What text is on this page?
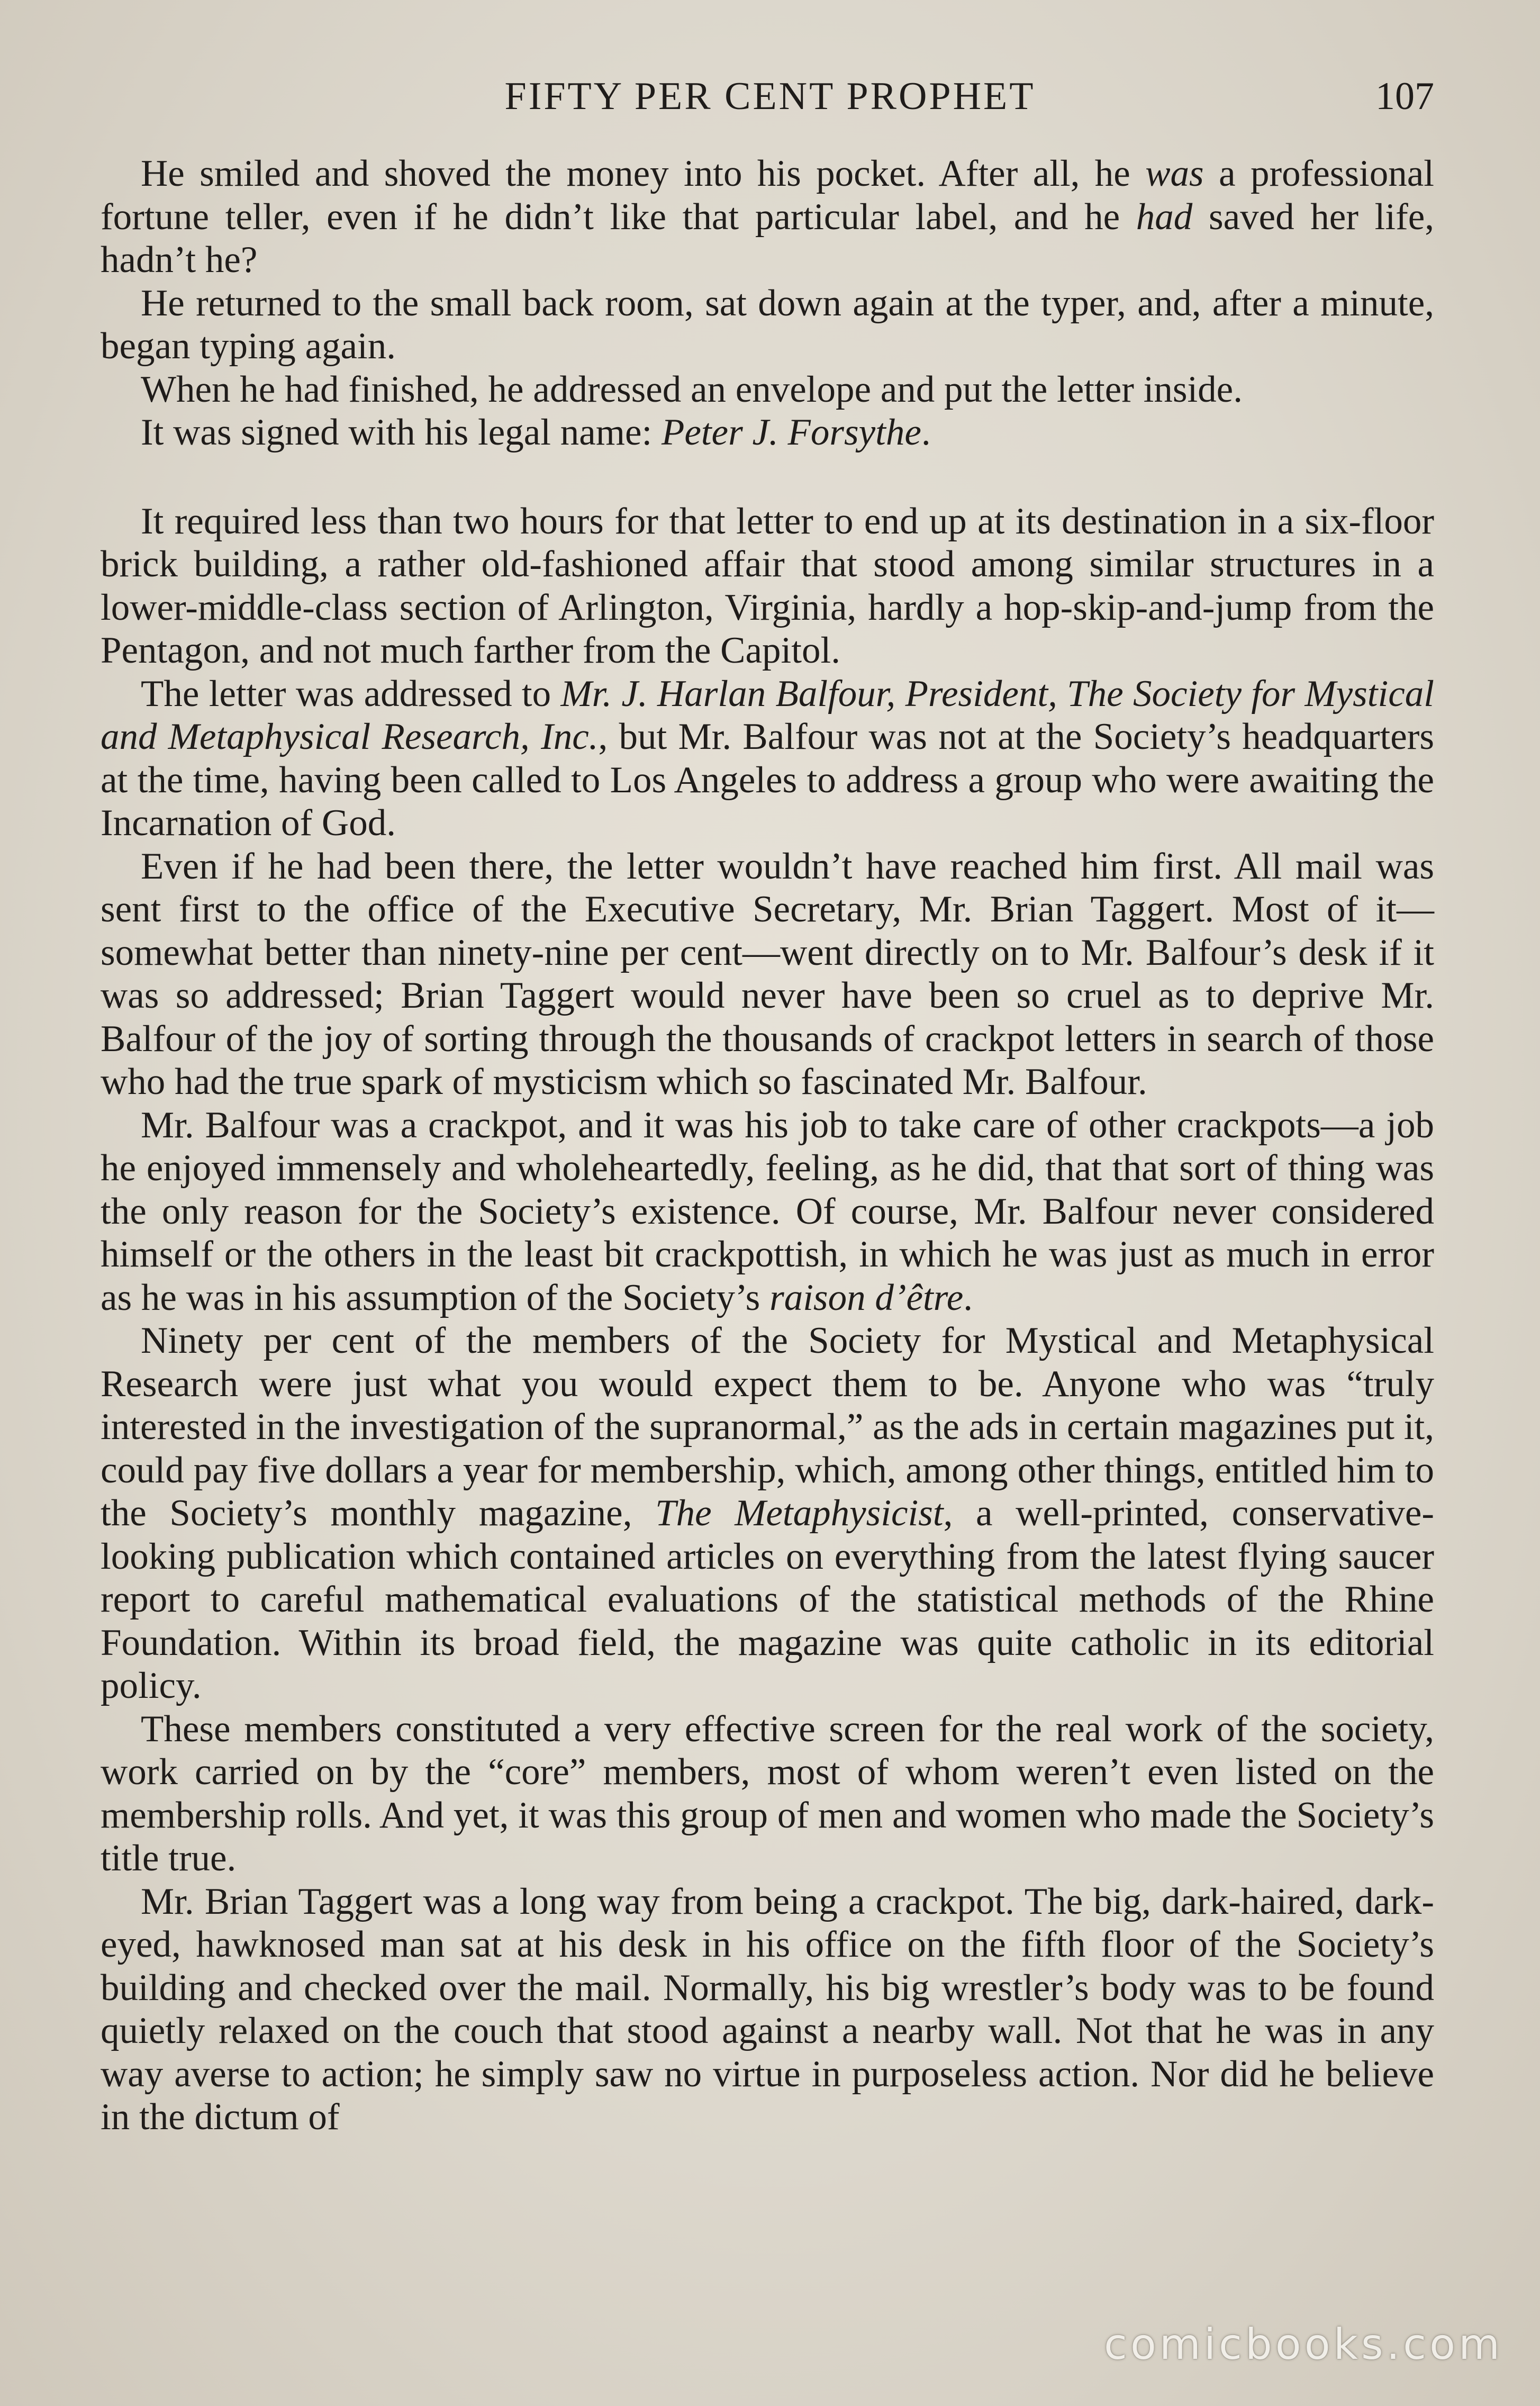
FIFTY PER CENT PROPHET	107

He smiled and shoved the money into his pocket. After all, he was a professional fortune teller, even if he didn’t like that particular label, and he had saved her life, hadn’t he?

He returned to the small back room, sat down again at the typer, and, after a minute, began typing again.

When he had finished, he addressed an envelope and put the letter inside.

It was signed with his legal name: Peter J. Forsythe.

It required less than two hours for that letter to end up at its destination in a six-floor brick building, a rather old-fashioned affair that stood among similar structures in a lower-middle-class section of Arlington, Virginia, hardly a hop-skip-and-jump from the Pentagon, and not much farther from the Capitol.

The letter was addressed to Mr. J. Harlan Balfour, President, The Society for Mystical and Metaphysical Research, Inc., but Mr. Balfour was not at the Society’s headquarters at the time, having been called to Los Angeles to address a group who were awaiting the Incarnation of God.

Even if he had been there, the letter wouldn’t have reached him first. All mail was sent first to the office of the Executive Secretary, Mr. Brian Taggert. Most of it—somewhat better than ninety-nine per cent—went directly on to Mr. Balfour’s desk if it was so addressed; Brian Taggert would never have been so cruel as to deprive Mr. Balfour of the joy of sorting through the thousands of crackpot letters in search of those who had the true spark of mysticism which so fascinated Mr. Balfour.

Mr. Balfour was a crackpot, and it was his job to take care of other crackpots—a job he enjoyed immensely and wholeheartedly, feeling, as he did, that that sort of thing was the only reason for the Society’s existence. Of course, Mr. Balfour never considered himself or the others in the least bit crackpottish, in which he was just as much in error as he was in his assumption of the Society’s raison d’être.

Ninety per cent of the members of the Society for Mystical and Metaphysical Research were just what you would expect them to be. Anyone who was “truly interested in the investigation of the supranormal,” as the ads in certain magazines put it, could pay five dollars a year for membership, which, among other things, entitled him to the Society’s monthly magazine, The Metaphysicist, a well-printed, conservative-looking publication which contained articles on everything from the latest flying saucer report to careful mathematical evaluations of the statistical methods of the Rhine Foundation. Within its broad field, the magazine was quite catholic in its editorial policy.

These members constituted a very effective screen for the real work of the society, work carried on by the “core” members, most of whom weren’t even listed on the membership rolls. And yet, it was this group of men and women who made the Society’s title true.

Mr. Brian Taggert was a long way from being a crackpot. The big, dark-haired, dark-eyed, hawknosed man sat at his desk in his office on the fifth floor of the Society’s building and checked over the mail. Normally, his big wrestler’s body was to be found quietly relaxed on the couch that stood against a nearby wall. Not that he was in any way averse to action; he simply saw no virtue in purposeless action. Nor did he believe in the dictum of

comicbooks.com
